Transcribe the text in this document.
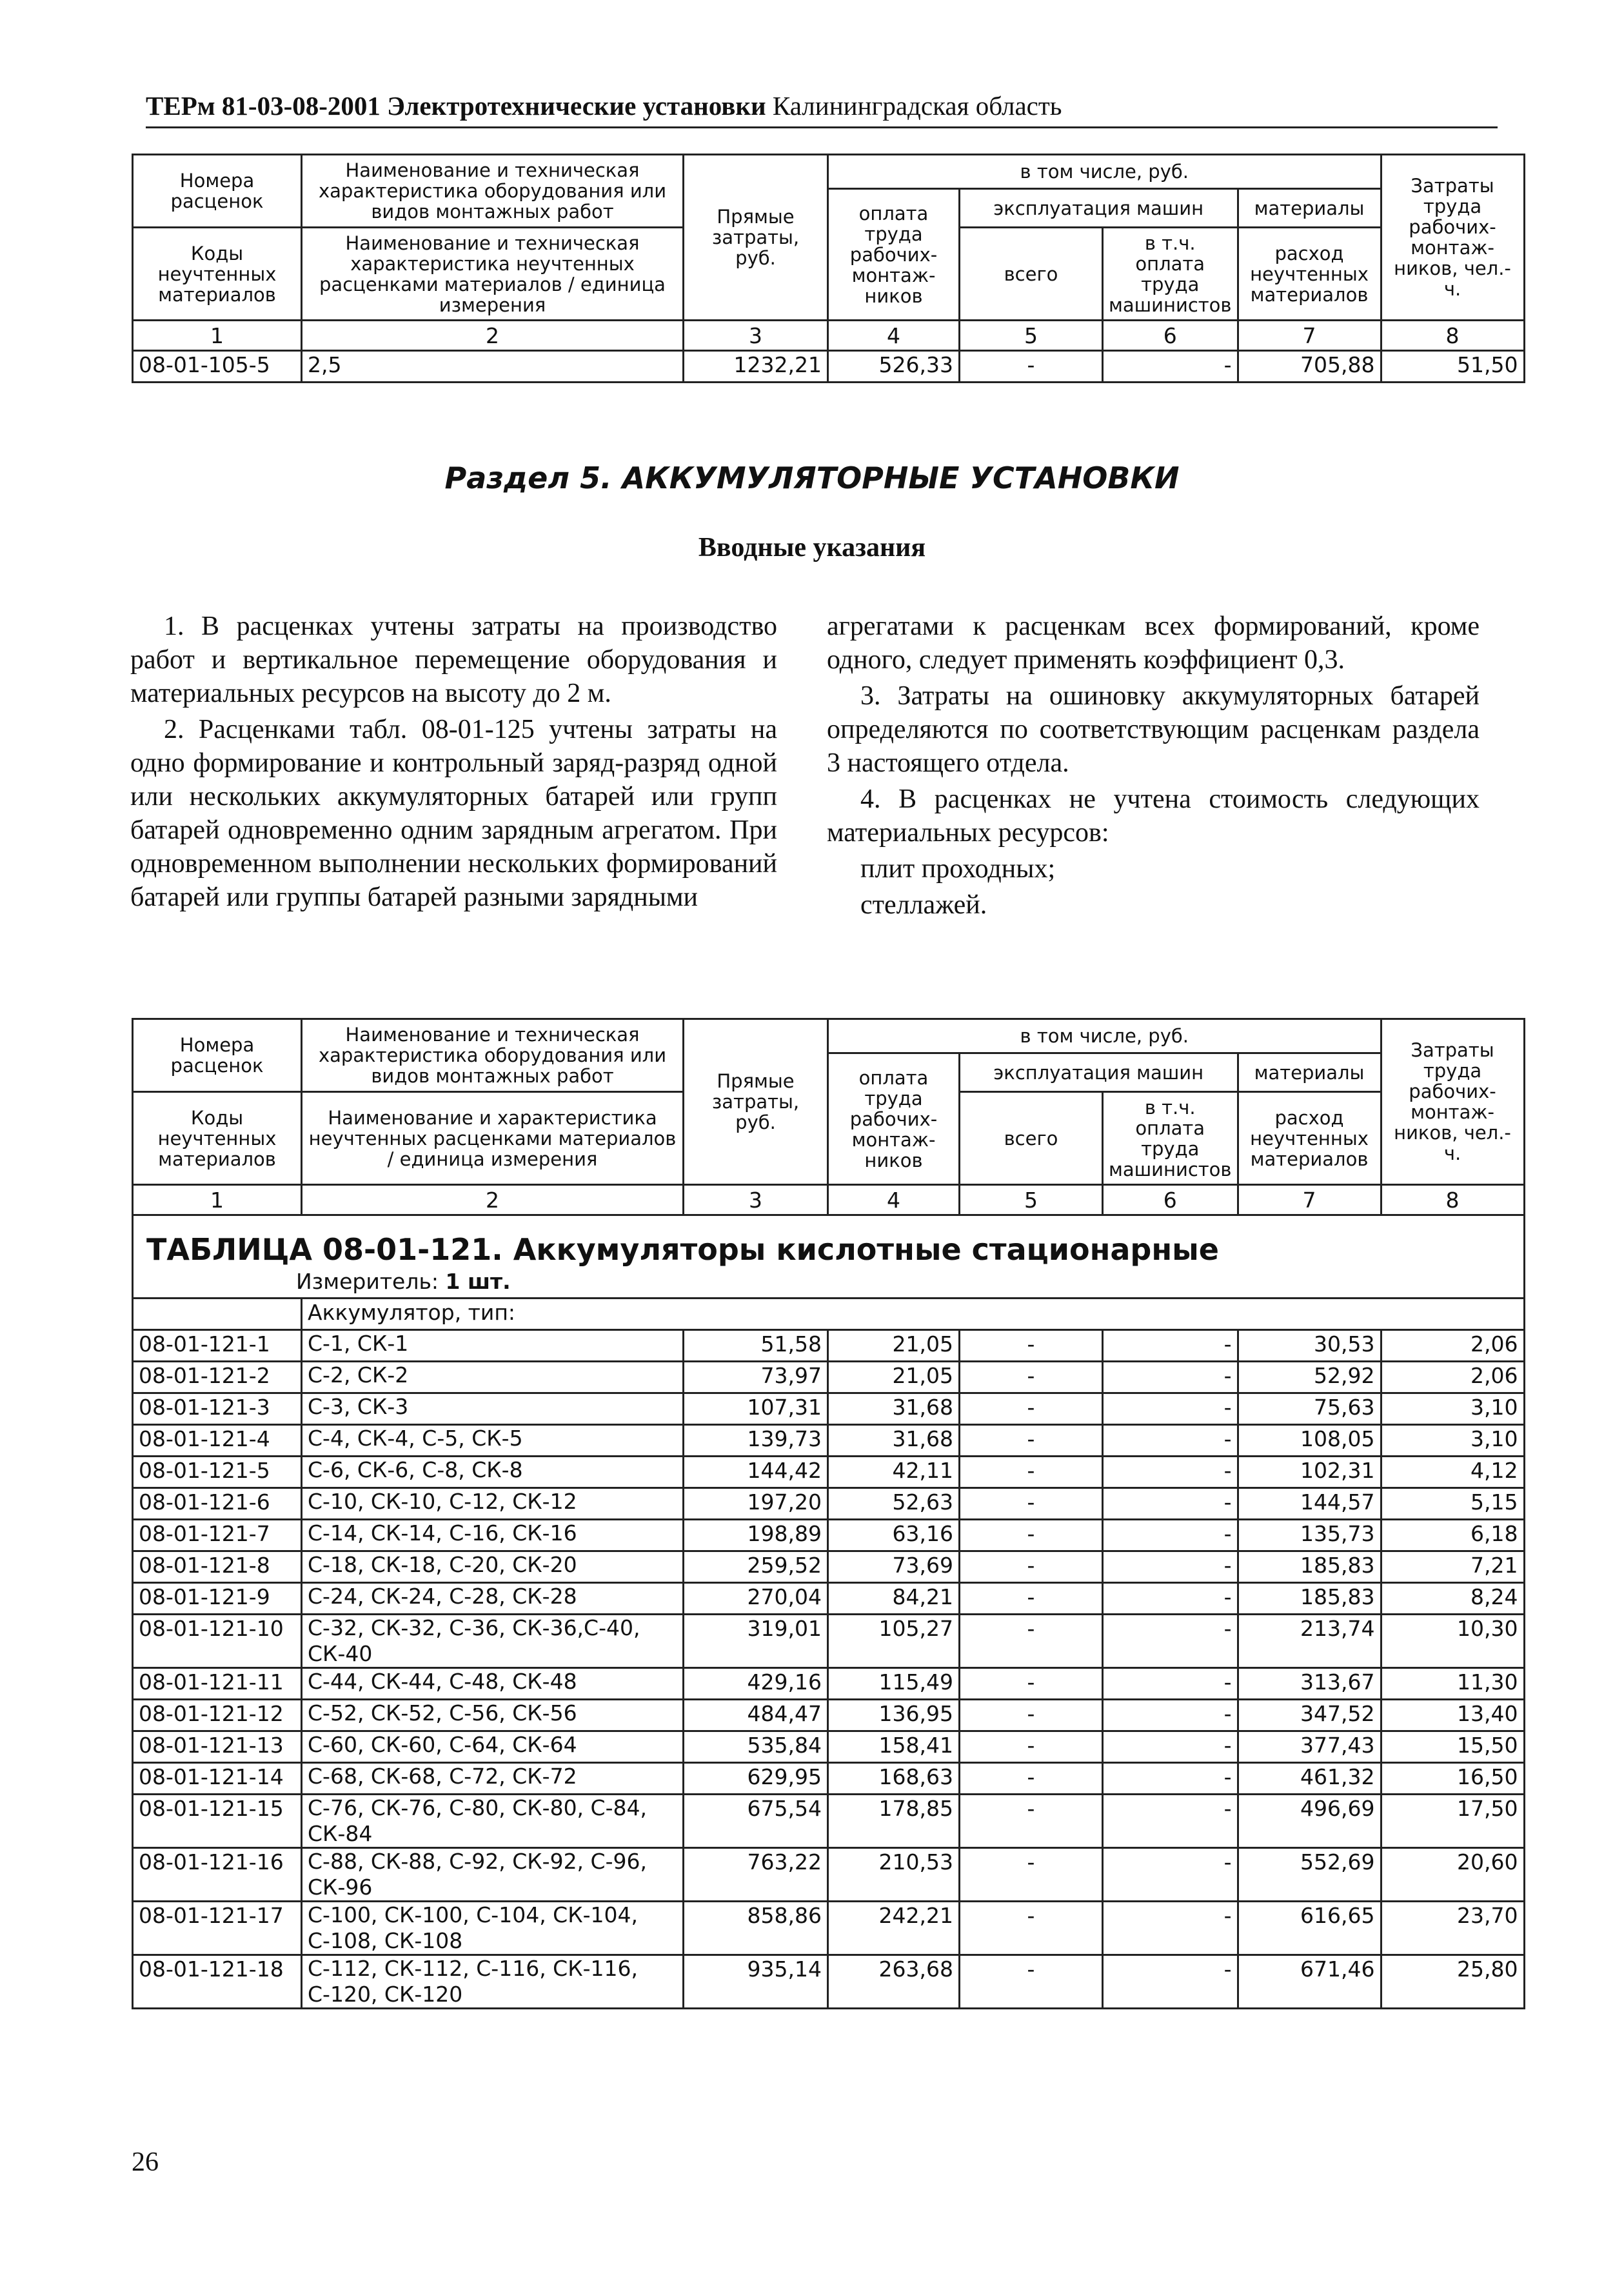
ТЕРм 81-03-08-2001 Электротехнические установки Калининградская область
Номера расценок	Наименование и техническая характеристика оборудования или видов монтажных работ	Прямые затраты, руб.	в том числе, руб.				Затраты труда рабочих-монтаж-ников, чел.-ч.
			оплата труда рабочих-монтаж-ников	эксплуатация машин		материалы	
Коды неучтенных материалов	Наименование и техническая характеристика неучтенных расценками материалов / единица измерения			всего	в т.ч. оплата труда машинистов	расход неучтенных материалов	

1	2	3	4	5	6	7	8
08-01-105-5	2,5	1232,21	526,33	-	-	705,88	51,50
Раздел 5. АККУМУЛЯТОРНЫЕ УСТАНОВКИ
Вводные указания

1. В расценках учтены затраты на производство работ и вертикальное перемещение оборудования и материальных ресурсов на высоту до 2 м.

2. Расценками табл. 08-01-125 учтены затраты на одно формирование и контрольный заряд-разряд одной или нескольких аккумуляторных батарей или групп батарей одновременно одним зарядным агрегатом. При одновременном выполнении нескольких формирований батарей или группы батарей разными зарядными

агрегатами к расценкам всех формирований, кроме одного, следует применять коэффициент 0,3.

3. Затраты на ошиновку аккумуляторных батарей определяются по соответствующим расценкам раздела 3 настоящего отдела.

4. В расценках не учтена стоимость следующих материальных ресурсов:

плит проходных;

стеллажей.

Номера расценок	Наименование и техническая характеристика оборудования или видов монтажных работ	Прямые затраты, руб.	в том числе, руб.				Затраты труда рабочих-монтаж-ников, чел.-ч.
			оплата труда рабочих-монтаж-ников	эксплуатация машин		материалы	
Коды неучтенных материалов	Наименование и характеристика неучтенных расценками материалов / единица измерения			всего	в т.ч. оплата труда машинистов	расход неучтенных материалов	

1	2	3	4	5	6	7	8

ТАБЛИЦА 08-01-121. Аккумуляторы кислотные стационарные
Измеритель: 1 шт.							

	Аккумулятор, тип:						
08-01-121-1	С-1, СК-1	51,58	21,05	-	-	30,53	2,06
08-01-121-2	С-2, СК-2	73,97	21,05	-	-	52,92	2,06
08-01-121-3	С-3, СК-3	107,31	31,68	-	-	75,63	3,10
08-01-121-4	С-4, СК-4, С-5, СК-5	139,73	31,68	-	-	108,05	3,10
08-01-121-5	С-6, СК-6, С-8, СК-8	144,42	42,11	-	-	102,31	4,12
08-01-121-6	С-10, СК-10, С-12, СК-12	197,20	52,63	-	-	144,57	5,15
08-01-121-7	С-14, СК-14, С-16, СК-16	198,89	63,16	-	-	135,73	6,18
08-01-121-8	С-18, СК-18, С-20, СК-20	259,52	73,69	-	-	185,83	7,21
08-01-121-9	С-24, СК-24, С-28, СК-28	270,04	84,21	-	-	185,83	8,24
08-01-121-10	С-32, СК-32, С-36, СК-36,С-40, СК-40	319,01	105,27	-	-	213,74	10,30
08-01-121-11	С-44, СК-44, С-48, СК-48	429,16	115,49	-	-	313,67	11,30
08-01-121-12	С-52, СК-52, С-56, СК-56	484,47	136,95	-	-	347,52	13,40
08-01-121-13	С-60, СК-60, С-64, СК-64	535,84	158,41	-	-	377,43	15,50
08-01-121-14	С-68, СК-68, С-72, СК-72	629,95	168,63	-	-	461,32	16,50
08-01-121-15	С-76, СК-76, С-80, СК-80, С-84, СК-84	675,54	178,85	-	-	496,69	17,50
08-01-121-16	С-88, СК-88, С-92, СК-92, С-96, СК-96	763,22	210,53	-	-	552,69	20,60
08-01-121-17	С-100, СК-100, С-104, СК-104, С-108, СК-108	858,86	242,21	-	-	616,65	23,70
08-01-121-18	С-112, СК-112, С-116, СК-116, С-120, СК-120	935,14	263,68	-	-	671,46	25,80
26
